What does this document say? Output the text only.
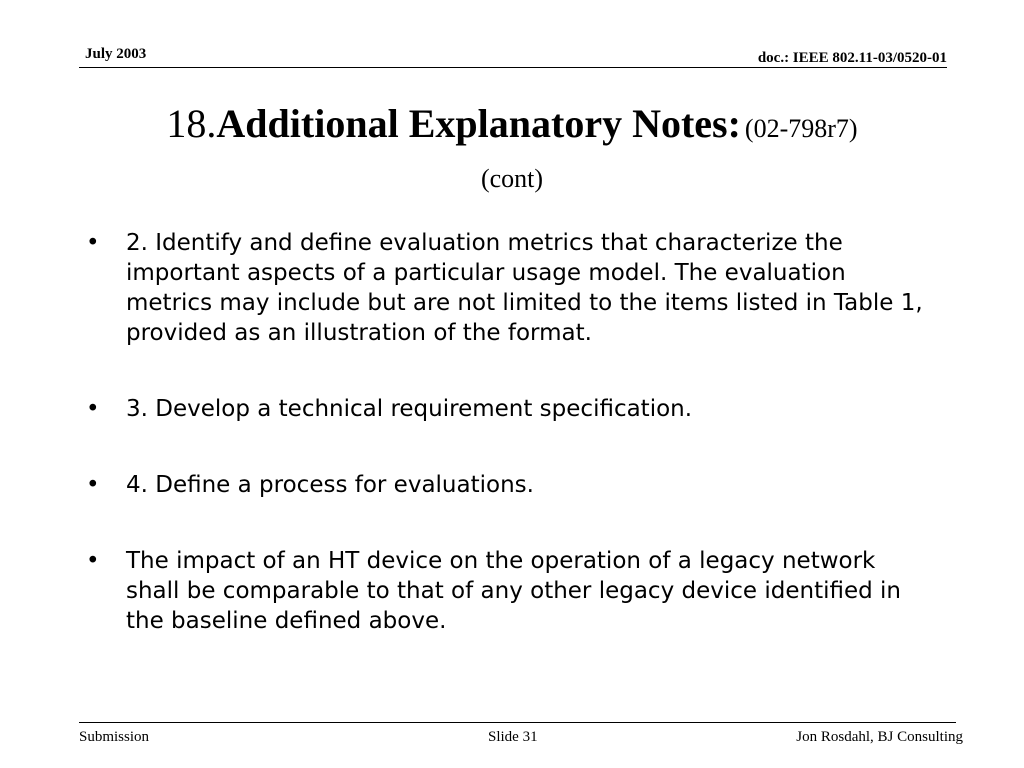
July 2003	doc.: IEEE 802.11-03/0520-01
18.Additional Explanatory Notes: (02-798r7)
(cont)
• 2. Identify and define evaluation metrics that characterize the important aspects of a particular usage model. The evaluation metrics may include but are not limited to the items listed in Table 1, provided as an illustration of the format.
• 3. Develop a technical requirement specification.
• 4. Define a process for evaluations.
• The impact of an HT device on the operation of a legacy network shall be comparable to that of any other legacy device identified in the baseline defined above.
Submission	Slide 31	Jon Rosdahl, BJ Consulting
